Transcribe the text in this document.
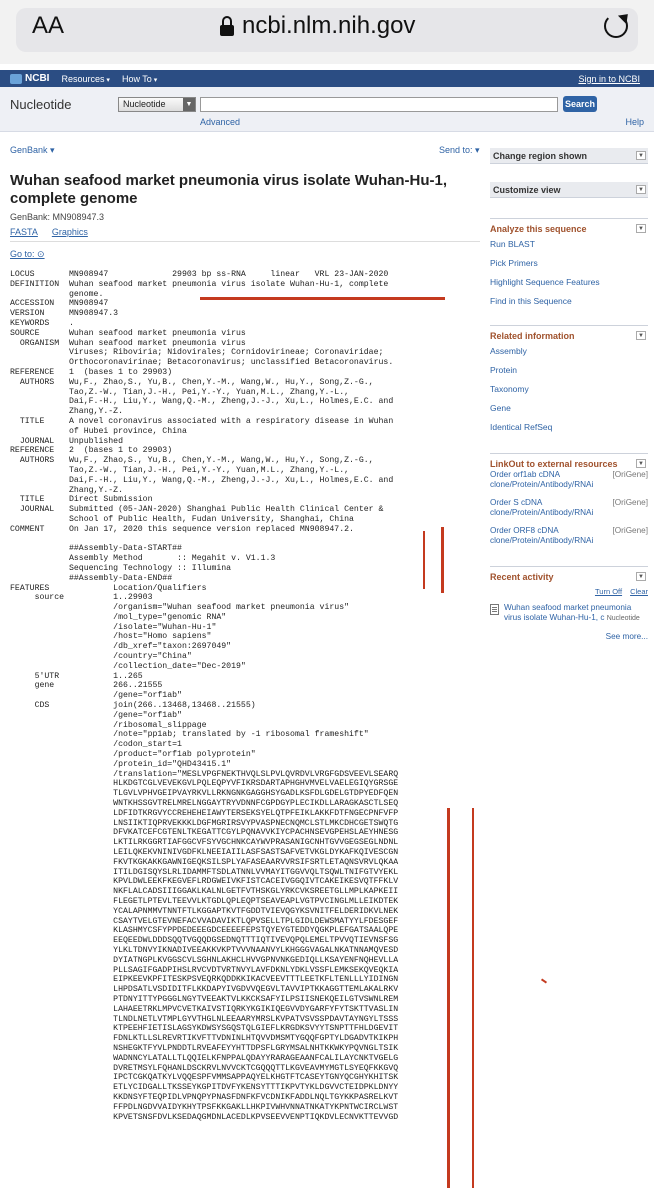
AA	ncbi.nlm.nih.gov
NCBI Resources ▾	How To ▾	Sign in to NCBI
Nucleotide	Nucleotide	▼	Search
Advanced	Help
GenBank ▾	Send to: ▾
Wuhan seafood market pneumonia virus isolate Wuhan-Hu-1, complete genome
GenBank: MN908947.3
FASTA Graphics
Go to: ⊙
LOCUS       MN908947             29903 bp ss-RNA     linear   VRL 23-JAN-2020
DEFINITION  Wuhan seafood market pneumonia virus isolate Wuhan-Hu-1, complete
genome.
ACCESSION   MN908947
VERSION     MN908947.3
KEYWORDS    .
SOURCE      Wuhan seafood market pneumonia virus
ORGANISM  Wuhan seafood market pneumonia virus
Viruses; Riboviria; Nidovirales; Cornidovirineae; Coronaviridae;
Orthocoronavirinae; Betacoronavirus; unclassified Betacoronavirus.
REFERENCE   1  (bases 1 to 29903)
AUTHORS   Wu,F., Zhao,S., Yu,B., Chen,Y.-M., Wang,W., Hu,Y., Song,Z.-G.,
Tao,Z.-W., Tian,J.-H., Pei,Y.-Y., Yuan,M.L., Zhang,Y.-L.,
Dai,F.-H., Liu,Y., Wang,Q.-M., Zheng,J.-J., Xu,L., Holmes,E.C. and
Zhang,Y.-Z.
TITLE     A novel coronavirus associated with a respiratory disease in Wuhan
of Hubei province, China
JOURNAL   Unpublished
REFERENCE   2  (bases 1 to 29903)
AUTHORS   Wu,F., Zhao,S., Yu,B., Chen,Y.-M., Wang,W., Hu,Y., Song,Z.-G.,
Tao,Z.-W., Tian,J.-H., Pei,Y.-Y., Yuan,M.L., Zhang,Y.-L.,
Dai,F.-H., Liu,Y., Wang,Q.-M., Zheng,J.-J., Xu,L., Holmes,E.C. and
Zhang,Y.-Z.
TITLE     Direct Submission
JOURNAL   Submitted (05-JAN-2020) Shanghai Public Health Clinical Center &
School of Public Health, Fudan University, Shanghai, China
COMMENT     On Jan 17, 2020 this sequence version replaced MN908947.2.

##Assembly-Data-START##
Assembly Method       :: Megahit v. V1.1.3
Sequencing Technology :: Illumina
##Assembly-Data-END##
FEATURES             Location/Qualifiers
source          1..29903
/organism="Wuhan seafood market pneumonia virus"
/mol_type="genomic RNA"
/isolate="Wuhan-Hu-1"
/host="Homo sapiens"
/db_xref="taxon:2697049"
/country="China"
/collection_date="Dec-2019"
5'UTR           1..265
gene            266..21555
/gene="orf1ab"
CDS             join(266..13468,13468..21555)
/gene="orf1ab"
/ribosomal_slippage
/note="pp1ab; translated by -1 ribosomal frameshift"
/codon_start=1
/product="orf1ab polyprotein"
/protein_id="QHD43415.1"
/translation="MESLVPGFNEKTHVQLSLPVLQVRDVLVRGFGDSVEEVLSEARQ
HLKDGTCGLVEVEKGVLPQLEQPYVFIKRSDARTAPHGHVMVELVAELEGIQYGRSGE
TLGVLVPHVGEIPVAYRKVLLRKNGNKGAGGHSYGADLKSFDLGDELGTDPYEDFQEN
WNTKHSSGVTRELMRELNGGAYTRYVDNNFCGPDGYPLECIKDLLARAGKASCTLSEQ
LDFIDTKRGVYCCREHEHEIAWYTERSEKSYELQTPFEIKLAKKFDTFNGECPNFVFP
LNSIIKTIQPRVEKKKLDGFMGRIRSVYPVASPNECNQMCLSTLMKCDHCGETSWQTG
DFVKATCEFCGTENLTKEGATTCGYLPQNAVVKIYCPACHNSEVGPEHSLAEYHNESG
LKTILRKGGRTIAFGGCVFSYVGCHNKCAYWVPRASANIGCNHTGVVGEGSEGLNDNL
LEILQKEKVNINIVGDFKLNEEIAIILASFSASTSAFVETVKGLDYKAFKQIVESCGN
FKVTKGKAKKGAWNIGEQKSILSPLYAFASEAARVVRSIFSRTLETAQNSVRVLQKAA
ITILDGISQYSLRLIDAMMFTSDLATNNLVVMAYITGGVVQLTSQWLTNIFGTVYEKL
KPVLDWLEEKFKEGVEFLRDGWEIVKFISTCACEIVGGQIVTCAKEIKESVQTFFKLV
NKFLALCADSIIIGGAKLKALNLGETFVTHSKGLYRKCVKSREETGLLMPLKAPKEII
FLEGETLPTEVLTEEVVLKTGDLQPLEQPTSEAVEAPLVGTPVCINGLMLLEIKDTEK
YCALAPNMMVTNNTFTLKGGAPTKVTFGDDTVIEVQGYKSVNITFELDERIDKVLNEK
CSAYTVELGTEVNEFACVVADAVIKTLQPVSELLTPLGIDLDEWSMATYYLFDESGEF
KLASHMYCSFYPPDEDEEEGDCEEEEFEPSTQYEYGTEDDYQGKPLEFGATSAALQPE
EEQEEDWLDDDSQQTVGQQDGSEDNQTTTIQTIVEVQPQLEMELTPVVQTIEVNSFSG
YLKLTDNVYIKNADIVEEAKKVKPTVVVNAANVYLKHGGGVAGALNKATNNAMQVESD
DYIATNGPLKVGGSCVLSGHNLAKHCLHVVGPNVNKGEDIQLLKSAYENFNQHEVLLA
PLLSAGIFGADPIHSLRVCVDTVRTNVYLAVFDKNLYDKLVSSFLEMKSEKQVEQKIA
EIPKEEVKPFITESKPSVEQRKQDDKKIKACVEEVTTTLEETKFLTENLLLYIDINGN
LHPDSATLVSDIDITFLKKDAPYIVGDVVQEGVLTAVVIPTKKAGGTTEMLAKALRKV
PTDNYITTYPGGGLNGYTVEEAKTVLKKCKSAFYILPSIISNEKQEILGTVSWNLREM
LAHAEETRKLMPVCVETKAIVSTIQRKYKGIKIQEGVVDYGARFYFYTSKTTVASLIN
TLNDLNETLVTMPLGYVTHGLNLEEAARYMRSLKVPATVSVSSPDAVTAYNGYLTSSS
KTPEEHFIETISLAGSYKDWSYSGQSTQLGIEFLKRGDKSVYYTSNPTTFHLDGEVIT
FDNLKTLLSLREVRTIKVFTTVDNINLHTQVVDMSMTYGQQFGPTYLDGADVTKIKPH
NSHEGKTFYVLPNDDTLRVEAFEYYHTTDPSFLGRYMSALNHTKKWKYPQVNGLTSIK
WADNNCYLATALLTLQQIELKFNPPALQDAYYRARAGEAANFCALILAYCNKTVGELG
DVRETMSYLFQHANLDSCKRVLNVVCKTCGQQQTTLKGVEAVMYMGTLSYEQFKKGVQ
IPCTCGKQATKYLVQQESPFVMMSAPPAQYELKHGTFTCASEYTGNYQCGHYKHITSK
ETLYCIDGALLTKSSEYKGPITDVFYKENSYTTTIKPVTYKLDGVVCTEIDPKLDNYY
KKDNSYFTEQPIDLVPNQPYPNASFDNFKFVCDNIKFADDLNQLTGYKKPASRELKVT
FFPDLNGDVVAIDYKHYTPSFKKGAKLLHKPIVWHVNNATNKATYKPNTWCIRCLWST
KPVETSNSFDVLKSEDAQGMDNLACEDLKPVSEEVVENPTIQKDVLECNVKTTEVVGD
Change region shown	▼
Customize view	▼
Analyze this sequence	▼
Run BLAST
Pick Primers
Highlight Sequence Features
Find in this Sequence
Related information	▼
Assembly
Protein
Taxonomy
Gene
Identical RefSeq
LinkOut to external resources	▼
Order orf1ab cDNA clone/Protein/Antibody/RNAi
[OriGene]
Order S cDNA clone/Protein/Antibody/RNAi
[OriGene]
Order ORF8 cDNA clone/Protein/Antibody/RNAi
[OriGene]
Recent activity	▼
Turn Off Clear
Wuhan seafood market pneumonia virus isolate Wuhan-Hu-1, c Nucleotide
See more...
